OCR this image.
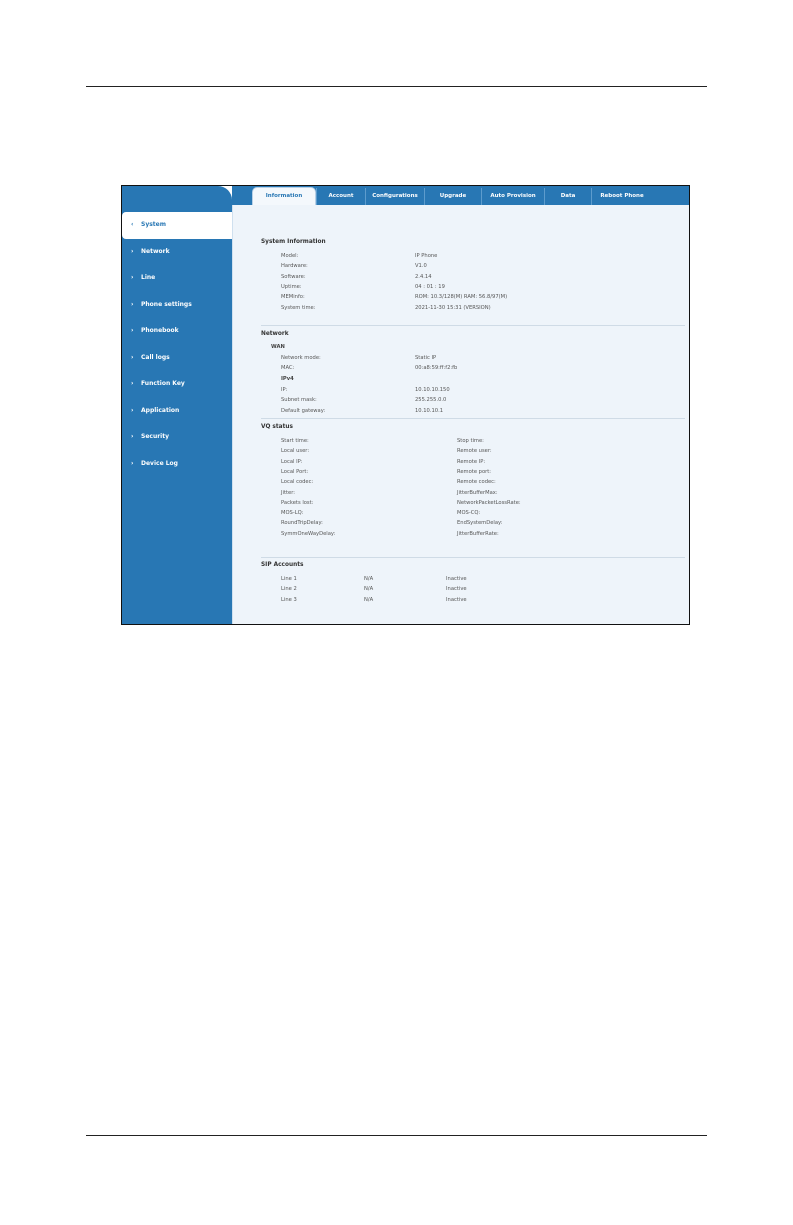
‹ System
› Network
› Line
› Phone settings
› Phonebook
› Call logs
› Function Key
› Application
› Security
› Device Log
Information	Account	Configurations	Upgrade	Auto Provision	Data	Reboot Phone
System Information
Model:	IP Phone
Hardware:	V1.0
Software:	2.4.14
Uptime:	04 : 01 : 19
MEMinfo:	ROM: 10.3/128(M) RAM: 56.8/97(M)
System time:	2021-11-30 15:31 (VERSION)
Network
WAN
Network mode:	Static IP
MAC:	00:a8:59:ff:f2:fb
IPv4
IP:	10.10.10.150
Subnet mask:	255.255.0.0
Default gateway:	10.10.10.1
VQ status
Start time:	Stop time:
Local user:	Remote user:
Local IP:	Remote IP:
Local Port:	Remote port:
Local codec:	Remote codec:
Jitter:	JitterBufferMax:
Packets lost:	NetworkPacketLossRate:
MOS-LQ:	MOS-CQ:
RoundTripDelay:	EndSystemDelay:
SymmOneWayDelay:	JitterBufferRate:
SIP Accounts
Line 1	N/A	Inactive
Line 2	N/A	Inactive
Line 3	N/A	Inactive
